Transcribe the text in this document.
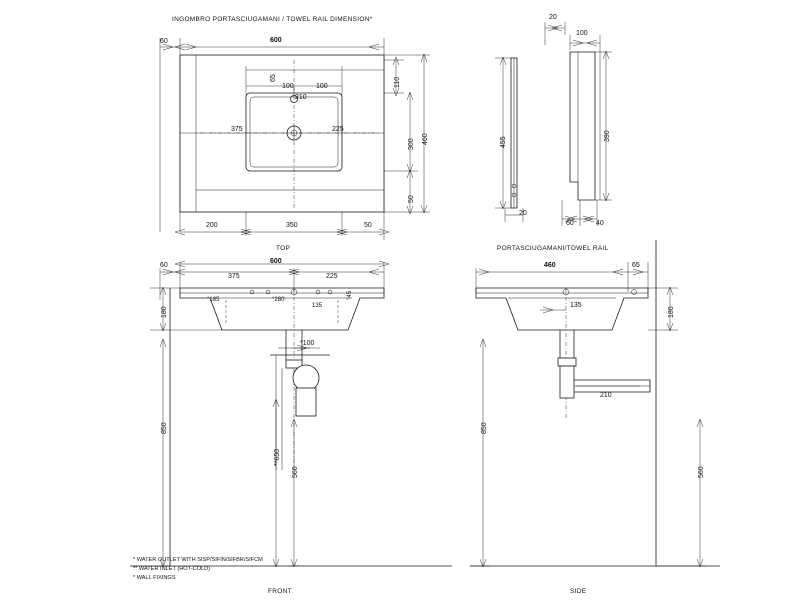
INGOMBRO PORTASCIUGAMANI / TOWEL RAIL DIMENSION*
60	600
65
100	100
210
110
375	225
300 460
50
200	350	50
TOP
20
100
455
390
20
60	40
PORTASCIUGAMANI/TOWEL RAIL
60
375
600
225
°185	°280
135
°45
180
*100
850
**650
560
FRONT
460	65
135
180
850
210
560
SIDE
* WATER OUTLET WITH SISP/SIFIN/SIFBR/SIFCM
** WATER INLET (HOT-COLD)
* WALL FIXINGS
